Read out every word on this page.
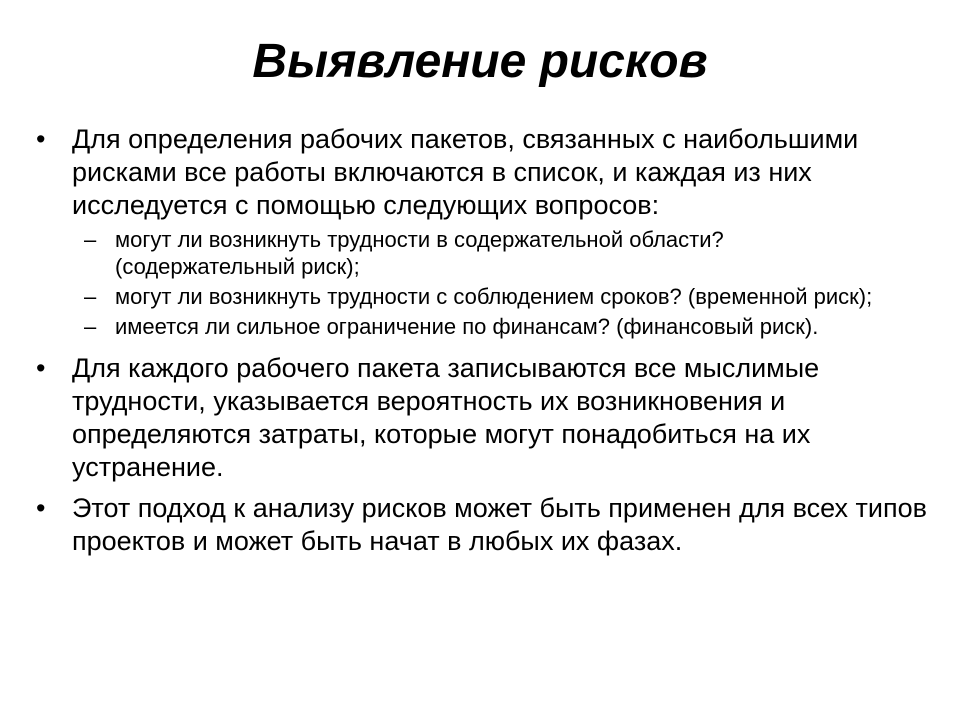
Выявление рисков
• Для определения рабочих пакетов, связанных с наибольшими рисками все работы включаются в список, и каждая из них исследуется с помощью следующих вопросов:
– могут ли возникнуть трудности в содержательной области? (содержательный риск);
– могут ли возникнуть трудности с соблюдением сроков? (временной риск);
– имеется ли сильное ограничение по финансам? (финансовый риск).
• Для каждого рабочего пакета записываются все мыслимые трудности, указывается вероятность их возникновения и определяются затраты, которые могут понадобиться на их устранение.
• Этот подход к анализу рисков может быть применен для всех типов проектов и может быть начат в любых их фазах.
